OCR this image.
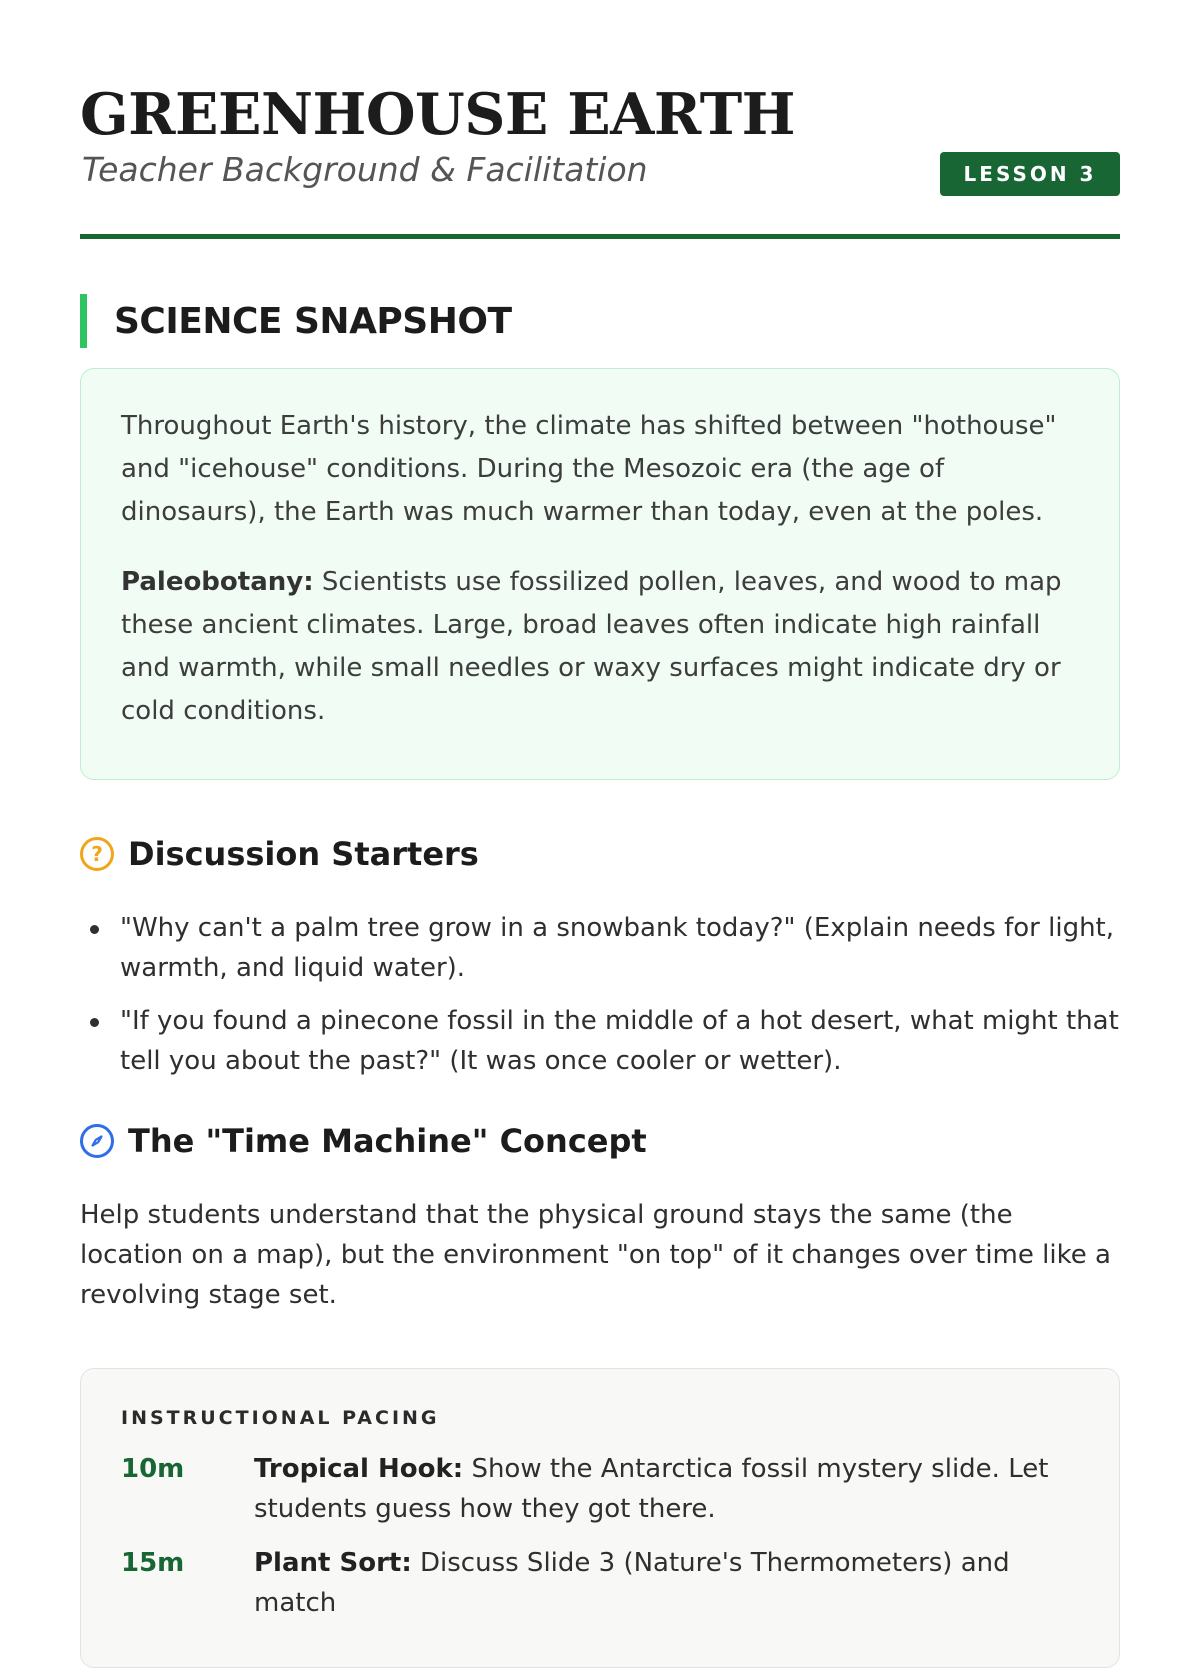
GREENHOUSE EARTH
Teacher Background & Facilitation	LESSON 3
SCIENCE SNAPSHOT

Throughout Earth's history, the climate has shifted between "hothouse" and "icehouse" conditions. During the Mesozoic era (the age of dinosaurs), the Earth was much warmer than today, even at the poles.

Paleobotany: Scientists use fossilized pollen, leaves, and wood to map these ancient climates. Large, broad leaves often indicate high rainfall and warmth, while small needles or waxy surfaces might indicate dry or cold conditions.

? Discussion Starters
"Why can't a palm tree grow in a snowbank today?" (Explain needs for light, warmth, and liquid water).
"If you found a pinecone fossil in the middle of a hot desert, what might that tell you about the past?" (It was once cooler or wetter).
The "Time Machine" Concept

Help students understand that the physical ground stays the same (the location on a map), but the environment "on top" of it changes over time like a revolving stage set.

INSTRUCTIONAL PACING
10m	Tropical Hook: Show the Antarctica fossil mystery slide. Let students guess how they got there.
15m	Plant Sort: Discuss Slide 3 (Nature's Thermometers) and match
